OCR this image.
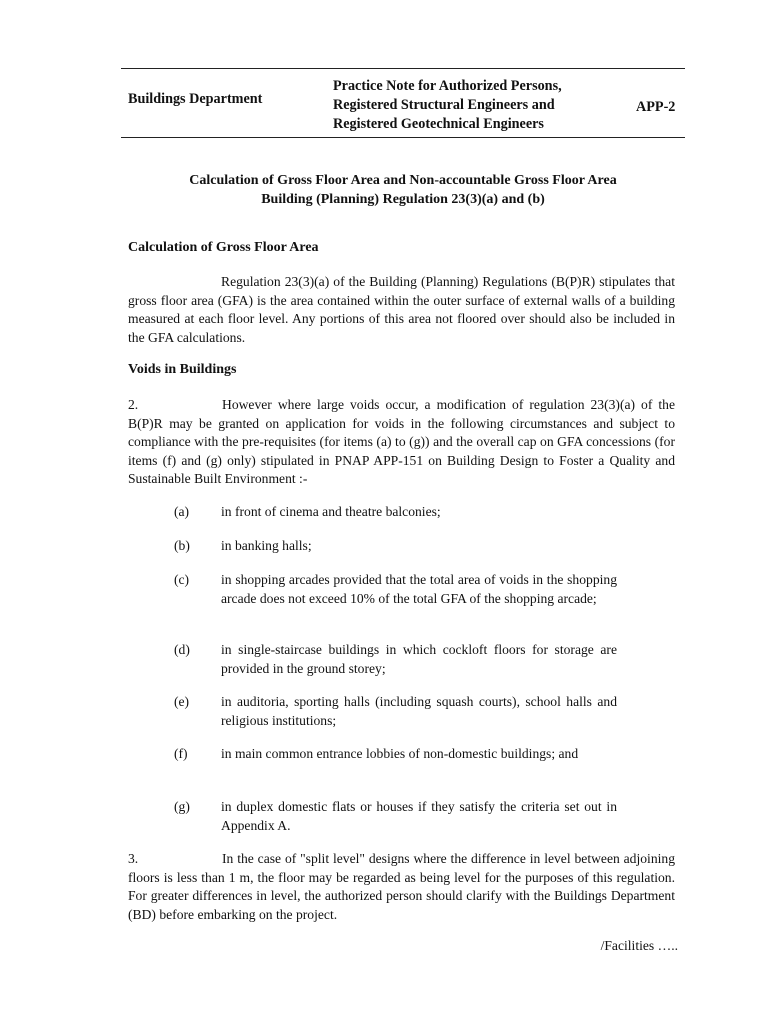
Buildings Department
Practice Note for Authorized Persons,
Registered Structural Engineers and
Registered Geotechnical Engineers
APP-2
Calculation of Gross Floor Area and Non-accountable Gross Floor Area
Building (Planning) Regulation 23(3)(a) and (b)
Calculation of Gross Floor Area
Regulation 23(3)(a) of the Building (Planning) Regulations (B(P)R) stipulates that gross floor area (GFA) is the area contained within the outer surface of external walls of a building measured at each floor level. Any portions of this area not floored over should also be included in the GFA calculations.
Voids in Buildings
2.	However where large voids occur, a modification of regulation 23(3)(a) of the B(P)R may be granted on application for voids in the following circumstances and subject to compliance with the pre-requisites (for items (a) to (g)) and the overall cap on GFA concessions (for items (f) and (g) only) stipulated in PNAP APP-151 on Building Design to Foster a Quality and Sustainable Built Environment :-
(a) in front of cinema and theatre balconies;
(b) in banking halls;
(c) in shopping arcades provided that the total area of voids in the shopping arcade does not exceed 10% of the total GFA of the shopping arcade;
(d) in single-staircase buildings in which cockloft floors for storage are provided in the ground storey;
(e) in auditoria, sporting halls (including squash courts), school halls and religious institutions;
(f) in main common entrance lobbies of non-domestic buildings; and
(g) in duplex domestic flats or houses if they satisfy the criteria set out in Appendix A.
3.	In the case of "split level" designs where the difference in level between adjoining floors is less than 1 m, the floor may be regarded as being level for the purposes of this regulation. For greater differences in level, the authorized person should clarify with the Buildings Department (BD) before embarking on the project.
/Facilities …..
